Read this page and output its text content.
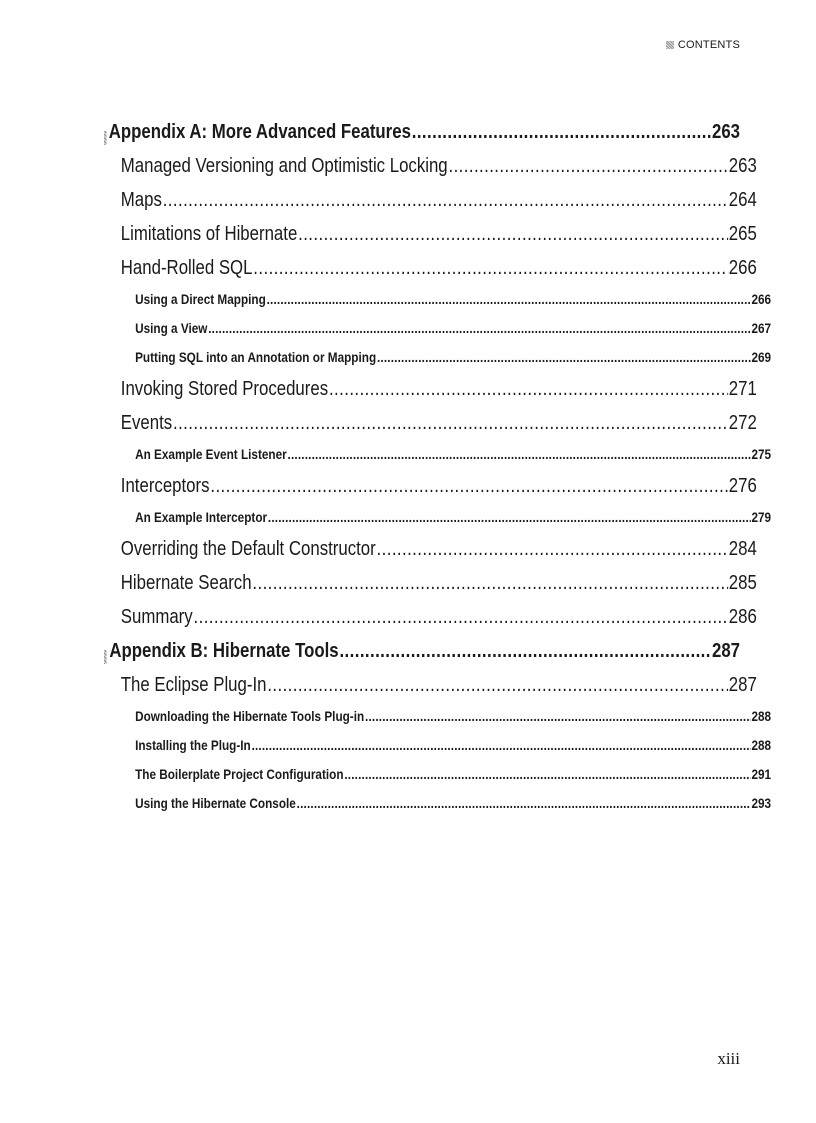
CONTENTS
Appendix A: More Advanced Features .....	263
Managed Versioning and Optimistic Locking .....	263
Maps .....	264
Limitations of Hibernate .....	265
Hand-Rolled SQL .....	266
Using a Direct Mapping .....	266
Using a View .....	267
Putting SQL into an Annotation or Mapping .....	269
Invoking Stored Procedures .....	271
Events .....	272
An Example Event Listener .....	275
Interceptors .....	276
An Example Interceptor .....	279
Overriding the Default Constructor .....	284
Hibernate Search .....	285
Summary .....	286
Appendix B: Hibernate Tools .....	287
The Eclipse Plug-In .....	287
Downloading the Hibernate Tools Plug-in .....	288
Installing the Plug-In .....	288
The Boilerplate Project Configuration .....	291
Using the Hibernate Console .....	293
xiii
